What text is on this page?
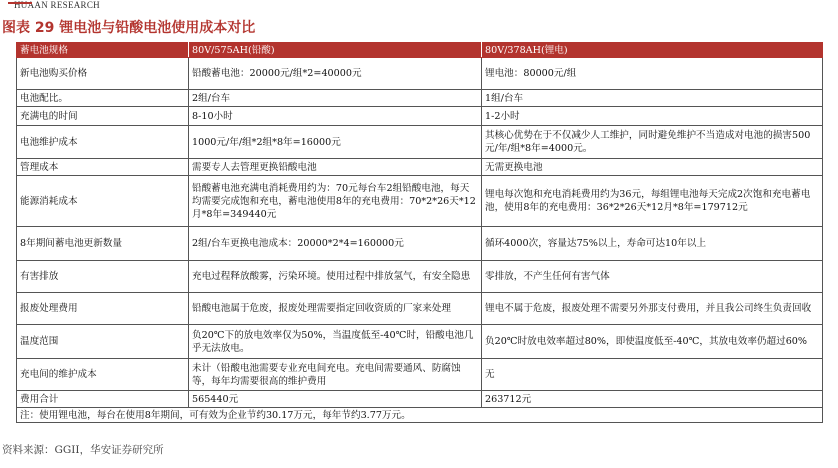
HUAAN RESEARCH
图表 29 锂电池与铅酸电池使用成本对比
蓄电池规格	80V/575AH(铅酸)	80V/378AH(锂电)
新电池购买价格	铅酸蓄电池：20000元/组*2=40000元	锂电池：80000元/组
电池配比。	2组/台车	1组/台车
充满电的时间	8-10小时	1-2小时
电池维护成本	1000元/年/组*2组*8年=16000元	其核心优势在于不仅减少人工维护，同时避免维护不当造成对电池的损害500元/年/组*8年=4000元。
管理成本	需要专人去管理更换铅酸电池	无需更换电池
能源消耗成本	铅酸蓄电池充满电消耗费用约为：70元每台车2组铅酸电池，每天均需要完成饱和充电，蓄电池使用8年的充电费用：70*2*26天*12月*8年=349440元	锂电每次饱和充电消耗费用约为36元，每组锂电池每天完成2次饱和充电蓄电池，使用8年的充电费用：36*2*26天*12月*8年=179712元
8年期间蓄电池更新数量	2组/台车更换电池成本：20000*2*4=160000元	循环4000次，容量达75%以上，寿命可达10年以上
有害排放	充电过程释放酸雾，污染环境。使用过程中排放氢气，有安全隐患	零排放，不产生任何有害气体
报废处理费用	铅酸电池属于危废，报废处理需要指定回收资质的厂家来处理	锂电不属于危废，报废处理不需要另外那支付费用，并且我公司终生负责回收
温度范围	负20℃下的放电效率仅为50%，当温度低至-40℃时，铅酸电池几乎无法放电。	负20℃时放电效率超过80%，即使温度低至-40℃，其放电效率仍超过60%
充电间的维护成本	未计（铅酸电池需要专业充电间充电。充电间需要通风、防腐蚀等，每年均需要很高的维护费用	无
费用合计	565440元	263712元
注：使用锂电池，每台在使用8年期间，可有效为企业节约30.17万元，每年节约3.77万元。		
资料来源：GGII，华安证券研究所
